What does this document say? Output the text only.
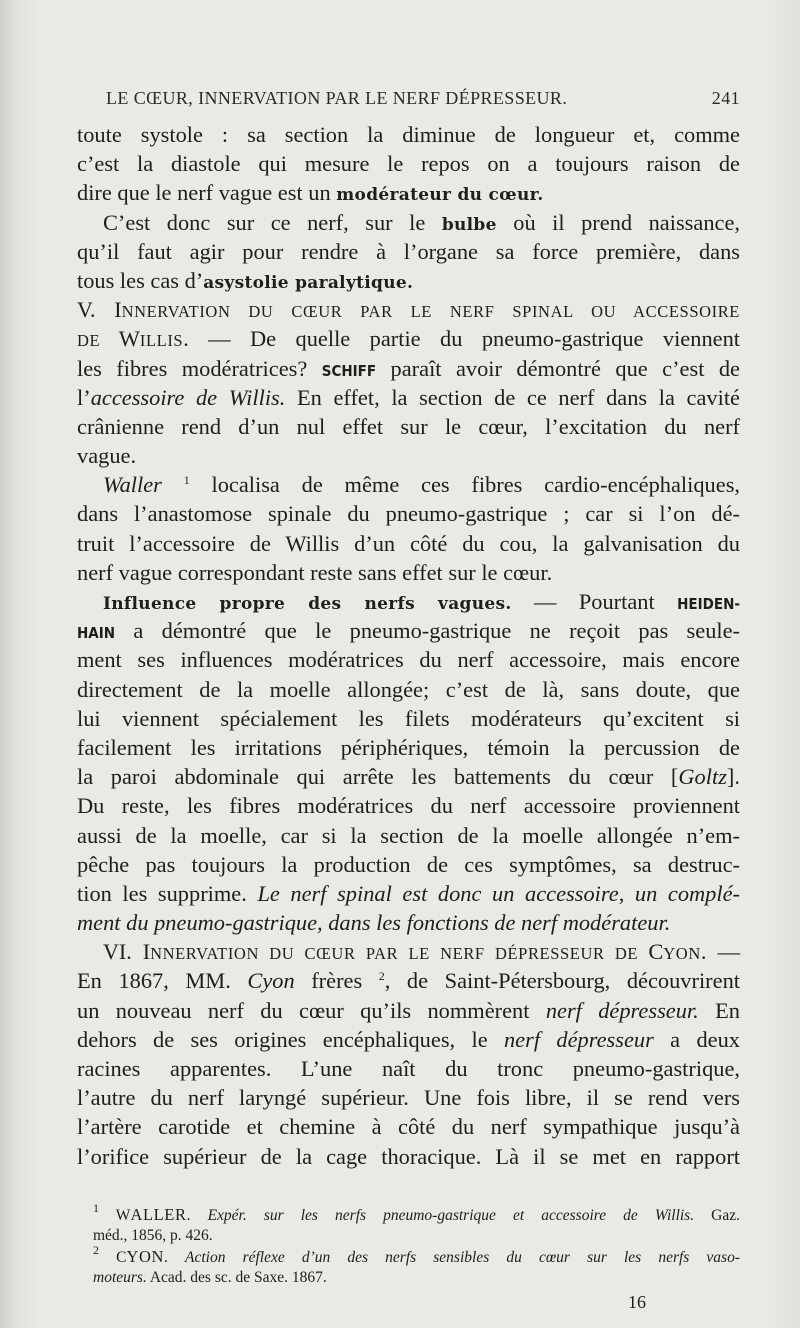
LE CŒUR, INNERVATION PAR LE NERF DÉPRESSEUR.	241
toute systole : sa section la diminue de longueur et, comme
c’est la diastole qui mesure le repos on a toujours raison de
dire que le nerf vague est un modérateur du cœur.
C’est donc sur ce nerf, sur le bulbe où il prend naissance,
qu’il faut agir pour rendre à l’organe sa force première, dans
tous les cas d’asystolie paralytique.
V. INNERVATION DU CŒUR PAR LE NERF SPINAL OU ACCESSOIRE
DE WILLIS. — De quelle partie du pneumo-gastrique viennent
les fibres modératrices? SCHIFF paraît avoir démontré que c’est de
l’accessoire de Willis. En effet, la section de ce nerf dans la cavité
crânienne rend d’un nul effet sur le cœur, l’excitation du nerf
vague.
Waller $^1$ localisa de même ces fibres cardio-encéphaliques,
dans l’anastomose spinale du pneumo-gastrique ; car si l’on dé-
truit l’accessoire de Willis d’un côté du cou, la galvanisation du
nerf vague correspondant reste sans effet sur le cœur.
Influence propre des nerfs vagues. — Pourtant HEIDEN-
HAIN a démontré que le pneumo-gastrique ne reçoit pas seule-
ment ses influences modératrices du nerf accessoire, mais encore
directement de la moelle allongée; c’est de là, sans doute, que
lui viennent spécialement les filets modérateurs qu’excitent si
facilement les irritations périphériques, témoin la percussion de
la paroi abdominale qui arrête les battements du cœur [Goltz].
Du reste, les fibres modératrices du nerf accessoire proviennent
aussi de la moelle, car si la section de la moelle allongée n’em-
pêche pas toujours la production de ces symptômes, sa destruc-
tion les supprime. Le nerf spinal est donc un accessoire, un complé-
ment du pneumo-gastrique, dans les fonctions de nerf modérateur.
VI. INNERVATION DU CŒUR PAR LE NERF DÉPRESSEUR DE CYON. —
En 1867, MM. Cyon frères $^2$, de Saint-Pétersbourg, découvrirent
un nouveau nerf du cœur qu’ils nommèrent nerf dépresseur. En
dehors de ses origines encéphaliques, le nerf dépresseur a deux
racines apparentes. L’une naît du tronc pneumo-gastrique,
l’autre du nerf laryngé supérieur. Une fois libre, il se rend vers
l’artère carotide et chemine à côté du nerf sympathique jusqu’à
l’orifice supérieur de la cage thoracique. Là il se met en rapport
$^1$ WALLER. Expér. sur les nerfs pneumo-gastrique et accessoire de Willis. Gaz.
méd., 1856, p. 426.
$^2$ CYON. Action réflexe d’un des nerfs sensibles du cœur sur les nerfs vaso-
moteurs. Acad. des sc. de Saxe. 1867.
16
